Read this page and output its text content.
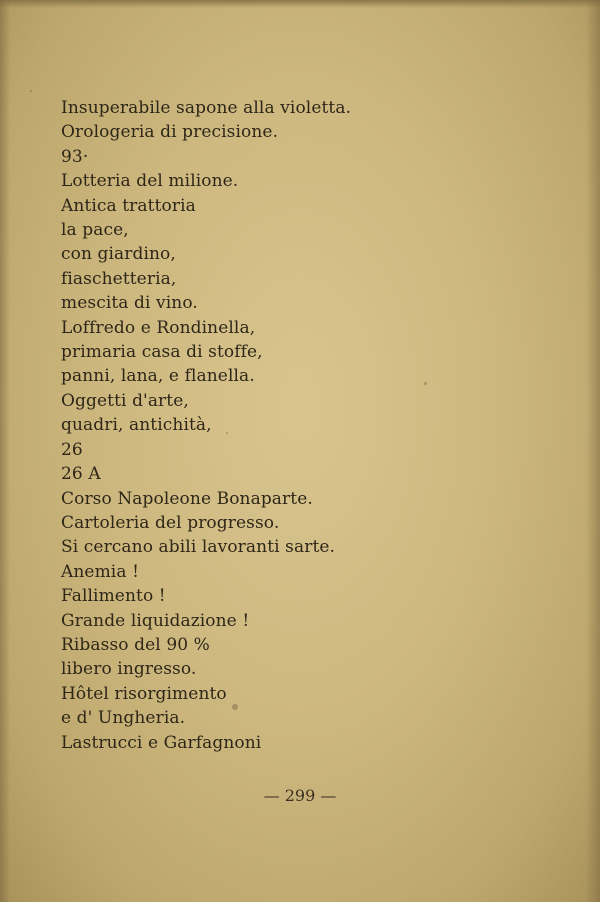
Insuperabile sapone alla violetta.
Orologeria di precisione.
93·
Lotteria del milione.
Antica trattoria
la pace,
con giardino,
fiaschetteria,
mescita di vino.
Loffredo e Rondinella,
primaria casa di stoffe,
panni, lana, e flanella.
Oggetti d'arte,
quadri, antichità,
26
26 A
Corso Napoleone Bonaparte.
Cartoleria del progresso.
Si cercano abili lavoranti sarte.
Anemia !
Fallimento !
Grande liquidazione !
Ribasso del 90 %
libero ingresso.
Hôtel risorgimento
e d' Ungheria.
Lastrucci e Garfagnoni
— 299 —
